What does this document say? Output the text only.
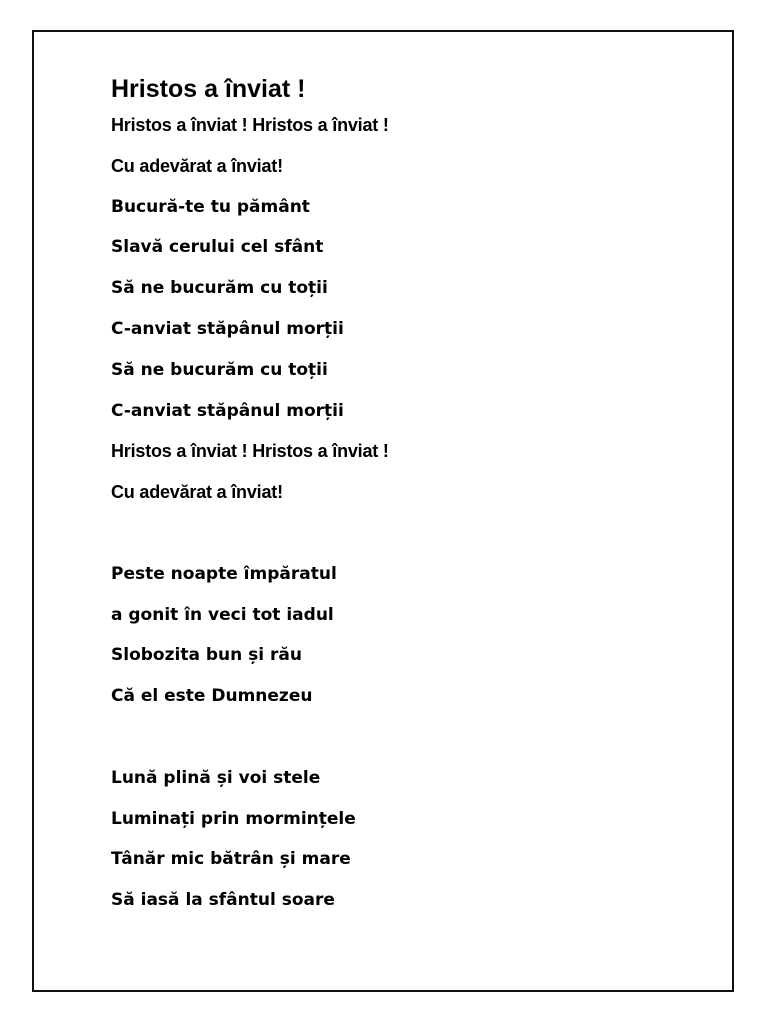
Hristos a înviat !
Hristos a înviat ! Hristos a înviat !
Cu adevărat a înviat!
Bucură-te tu pământ
Slavă cerului cel sfânt
Să ne bucurăm cu toții
C-anviat stăpânul morții
Să ne bucurăm cu toții
C-anviat stăpânul morții
Hristos a înviat ! Hristos a înviat !
Cu adevărat a înviat!
Peste noapte împăratul
a gonit în veci tot iadul
Slobozita bun și rău
Că el este Dumnezeu
Lună plină și voi stele
Luminați prin mormințele
Tânăr mic bătrân și mare
Să iasă la sfântul soare
